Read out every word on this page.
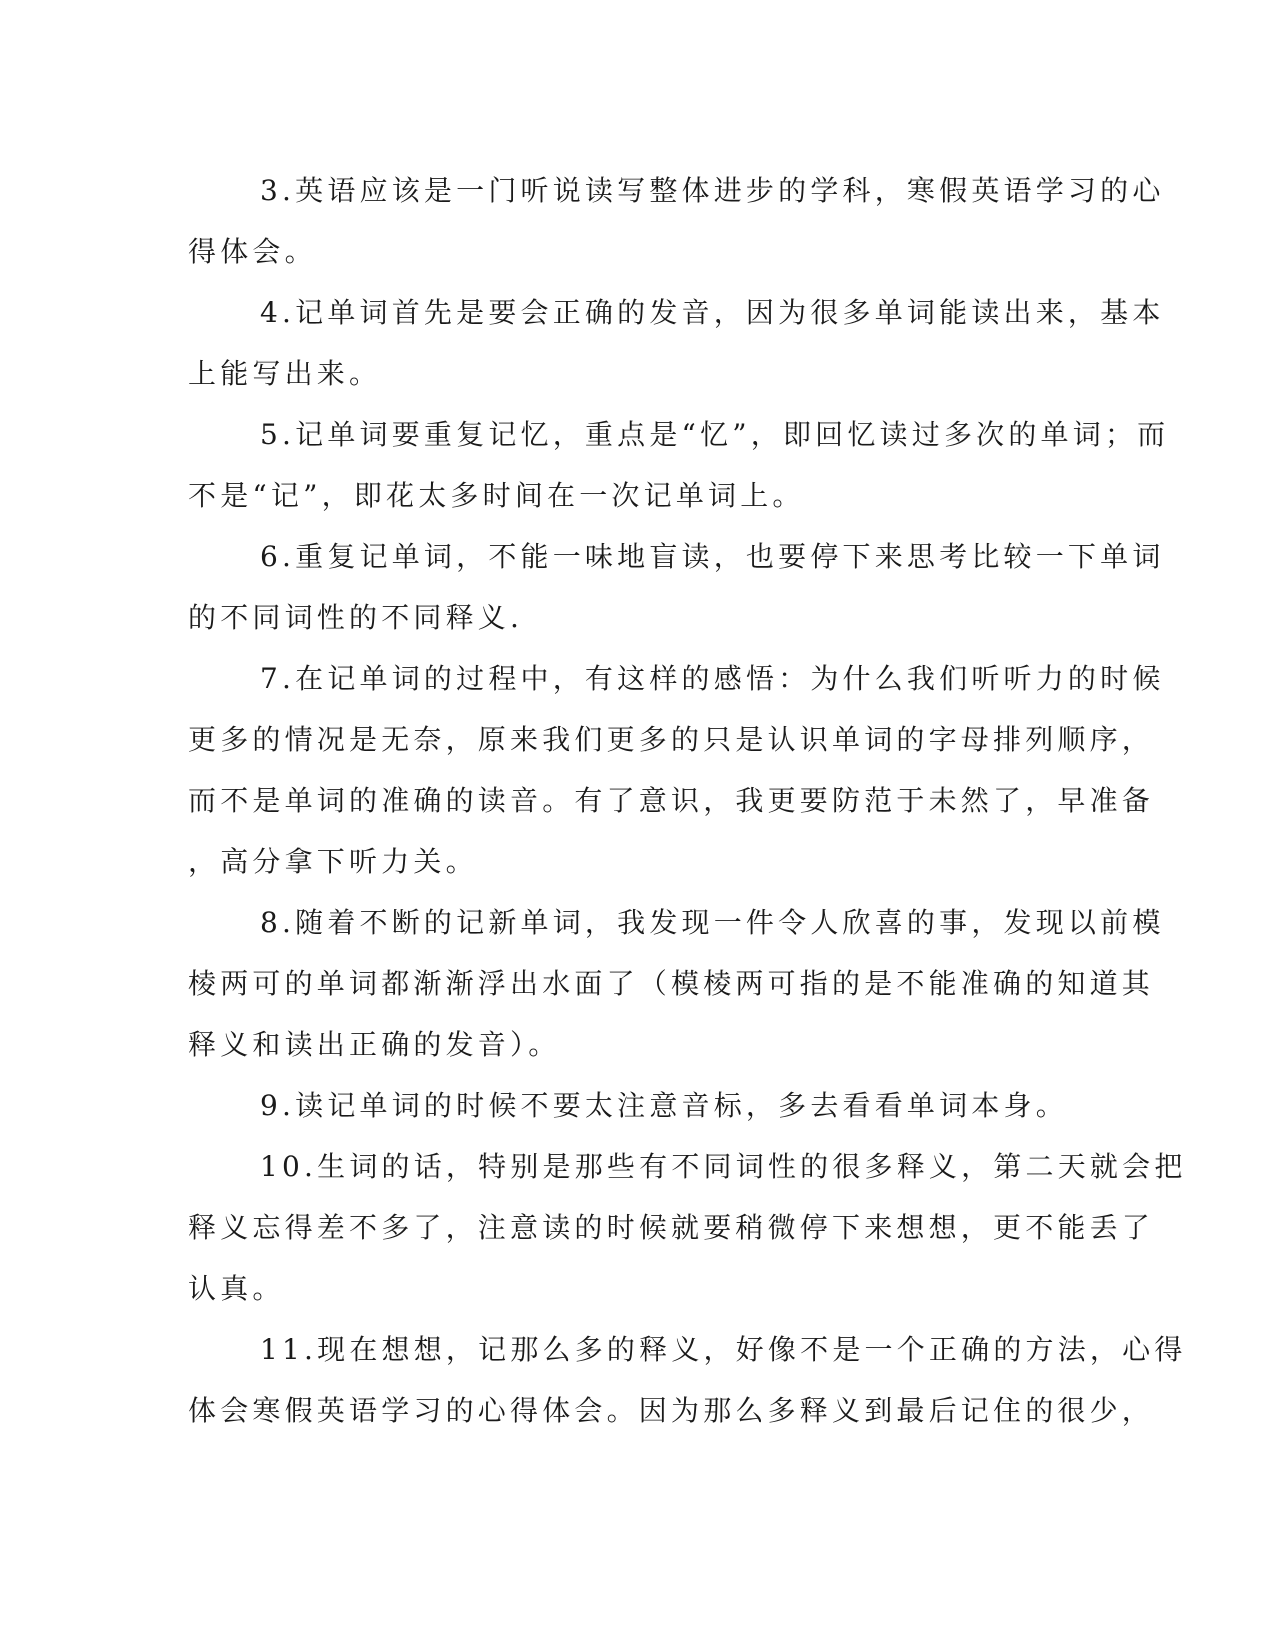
3.英语应该是一门听说读写整体进步的学科，寒假英语学习的心
得体会。

4.记单词首先是要会正确的发音，因为很多单词能读出来，基本
上能写出来。

5.记单词要重复记忆，重点是“忆”，即回忆读过多次的单词；而
不是“记”，即花太多时间在一次记单词上。

6.重复记单词，不能一味地盲读，也要停下来思考比较一下单词
的不同词性的不同释义.

7.在记单词的过程中，有这样的感悟：为什么我们听听力的时候
更多的情况是无奈，原来我们更多的只是认识单词的字母排列顺序，
而不是单词的准确的读音。有了意识，我更要防范于未然了，早准备
，高分拿下听力关。

8.随着不断的记新单词，我发现一件令人欣喜的事，发现以前模
棱两可的单词都渐渐浮出水面了（模棱两可指的是不能准确的知道其
释义和读出正确的发音）。

9.读记单词的时候不要太注意音标，多去看看单词本身。

10.生词的话，特别是那些有不同词性的很多释义，第二天就会把
释义忘得差不多了，注意读的时候就要稍微停下来想想，更不能丢了
认真。

11.现在想想，记那么多的释义，好像不是一个正确的方法，心得
体会寒假英语学习的心得体会。因为那么多释义到最后记住的很少，
